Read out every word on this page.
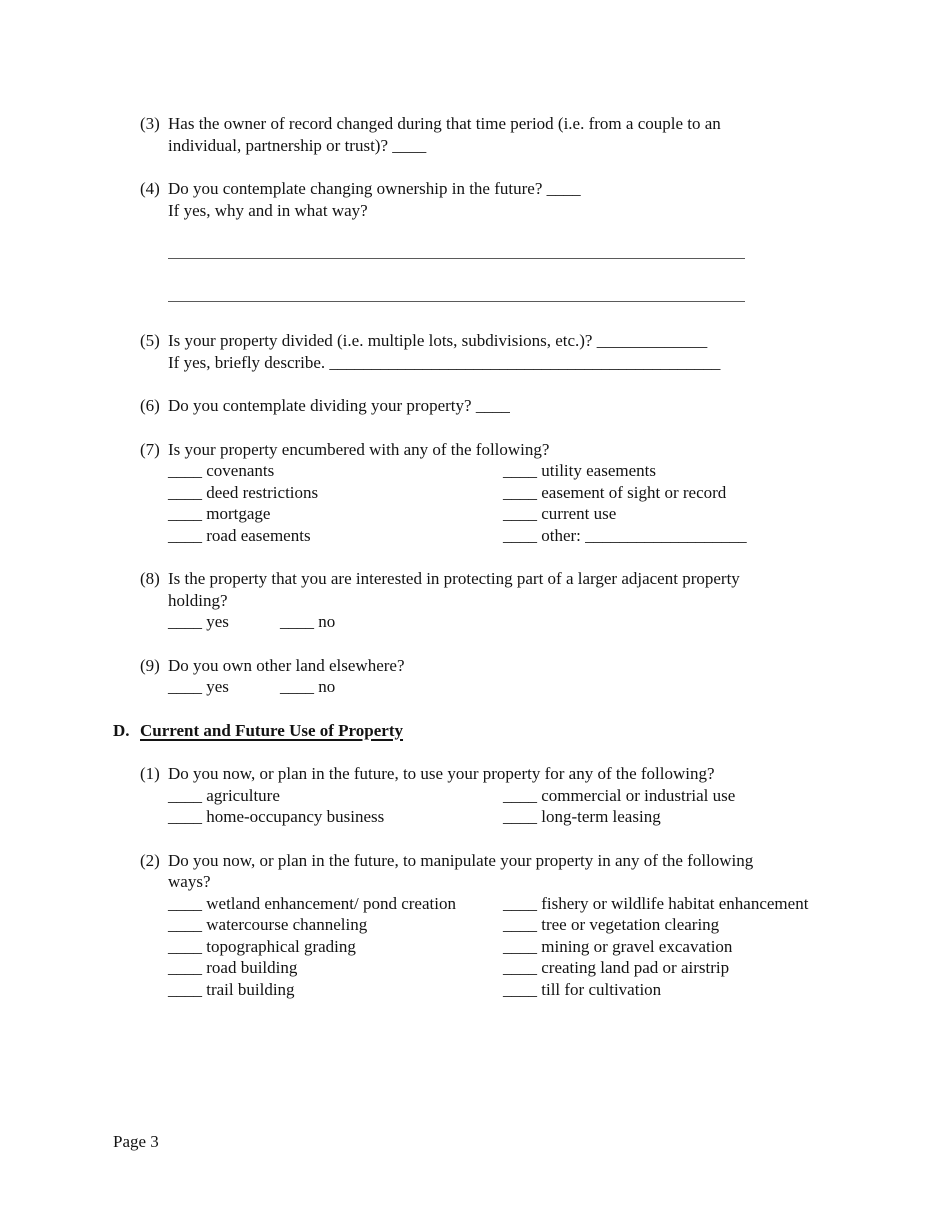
(3) Has the owner of record changed during that time period (i.e. from a couple to an
individual, partnership or trust)? ____
(4) Do you contemplate changing ownership in the future? ____
If yes, why and in what way?
(5) Is your property divided (i.e. multiple lots, subdivisions, etc.)? _____________
If yes, briefly describe. ______________________________________________
(6) Do you contemplate dividing your property? ____
(7) Is your property encumbered with any of the following?
____ covenants	____ utility easements
____ deed restrictions	____ easement of sight or record
____ mortgage	____ current use
____ road easements	____ other: ___________________
(8) Is the property that you are interested in protecting part of a larger adjacent property
holding?
____ yes	____ no
(9) Do you own other land elsewhere?
____ yes	____ no
D. Current and Future Use of Property
(1) Do you now, or plan in the future, to use your property for any of the following?
____ agriculture	____ commercial or industrial use
____ home-occupancy business	____ long-term leasing
(2) Do you now, or plan in the future, to manipulate your property in any of the following
ways?
____ wetland enhancement/ pond creation	____ fishery or wildlife habitat enhancement
____ watercourse channeling	____ tree or vegetation clearing
____ topographical grading	____ mining or gravel excavation
____ road building	____ creating land pad or airstrip
____ trail building	____ till for cultivation
Page 3
